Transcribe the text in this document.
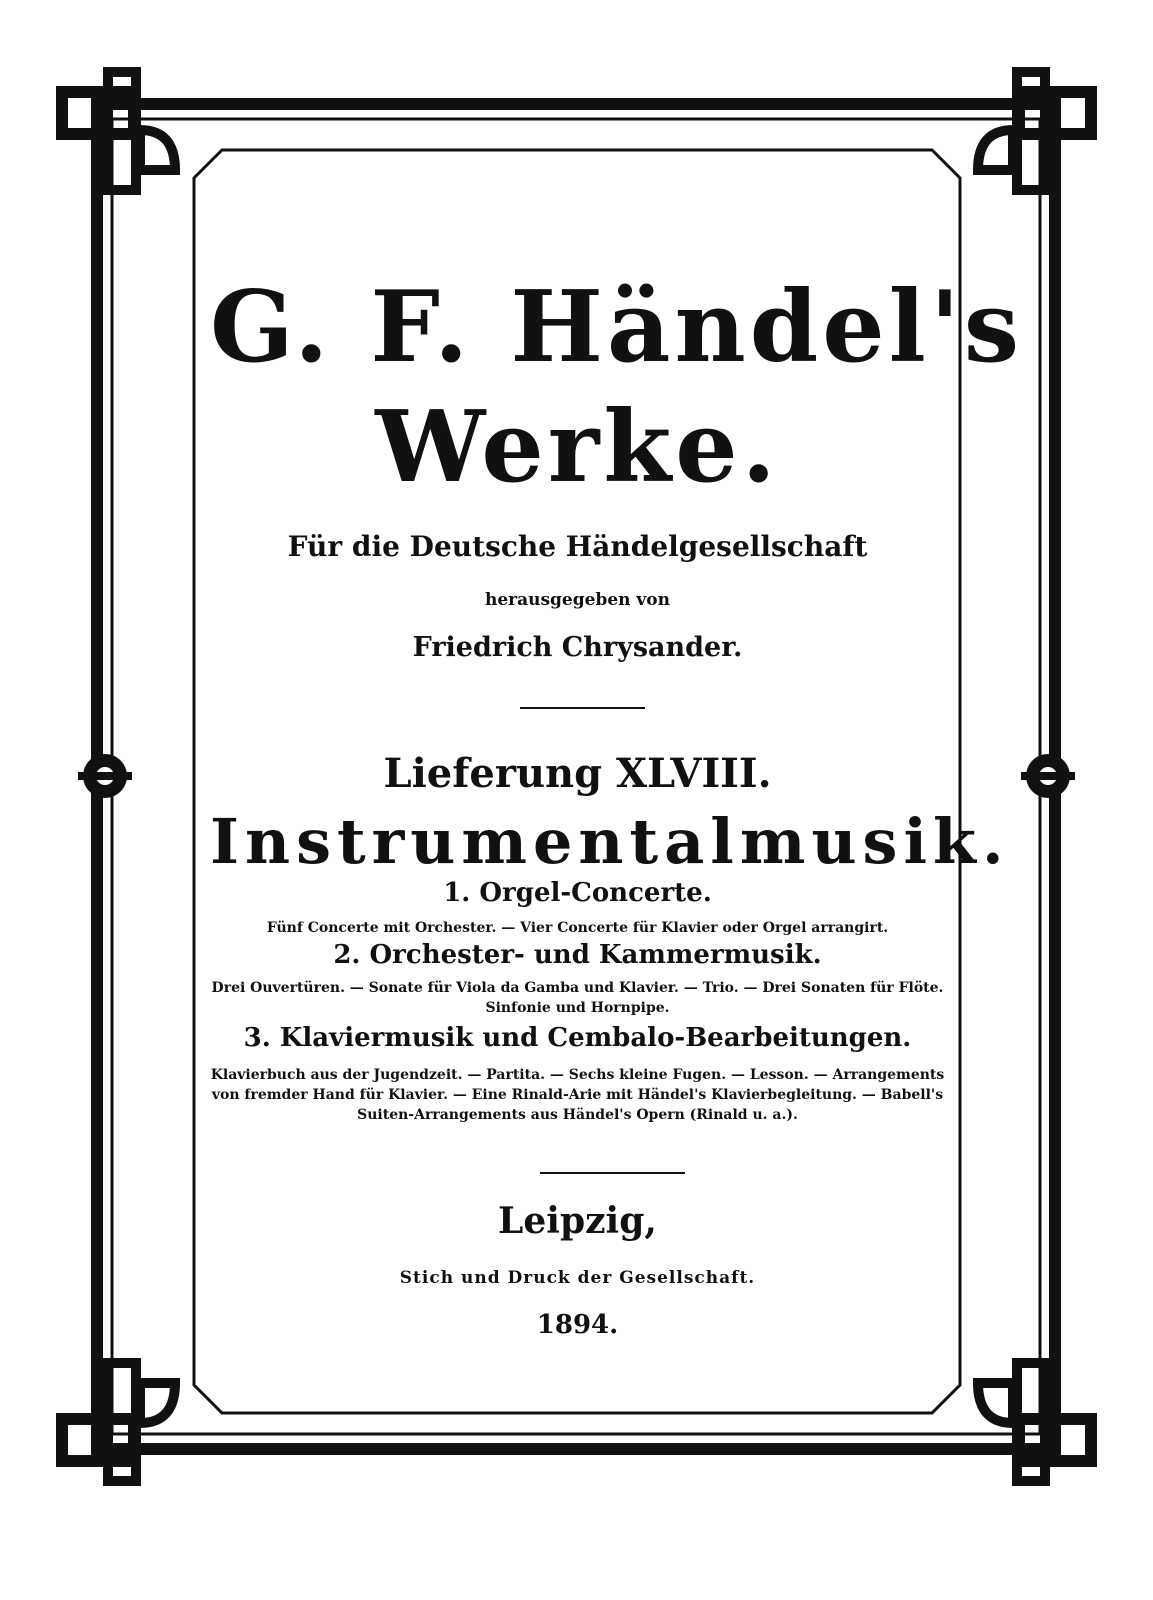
G. F. Händel's
Werke.
Für die Deutsche Händelgesellschaft
herausgegeben von
Friedrich Chrysander.
Lieferung XLVIII.
Instrumentalmusik.
1. Orgel-Concerte.
Fünf Concerte mit Orchester. — Vier Concerte für Klavier oder Orgel arrangirt.
2. Orchester- und Kammermusik.
Drei Ouvertüren. — Sonate für Viola da Gamba und Klavier. — Trio. — Drei Sonaten für Flöte. Sinfonie und Hornpipe.
3. Klaviermusik und Cembalo-Bearbeitungen.
Klavierbuch aus der Jugendzeit. — Partita. — Sechs kleine Fugen. — Lesson. — Arrangements von fremder Hand für Klavier. — Eine Rinald-Arie mit Händel's Klavierbegleitung. — Babell's Suiten-Arrangements aus Händel's Opern (Rinald u. a.).
Leipzig,
Stich und Druck der Gesellschaft.
1894.
